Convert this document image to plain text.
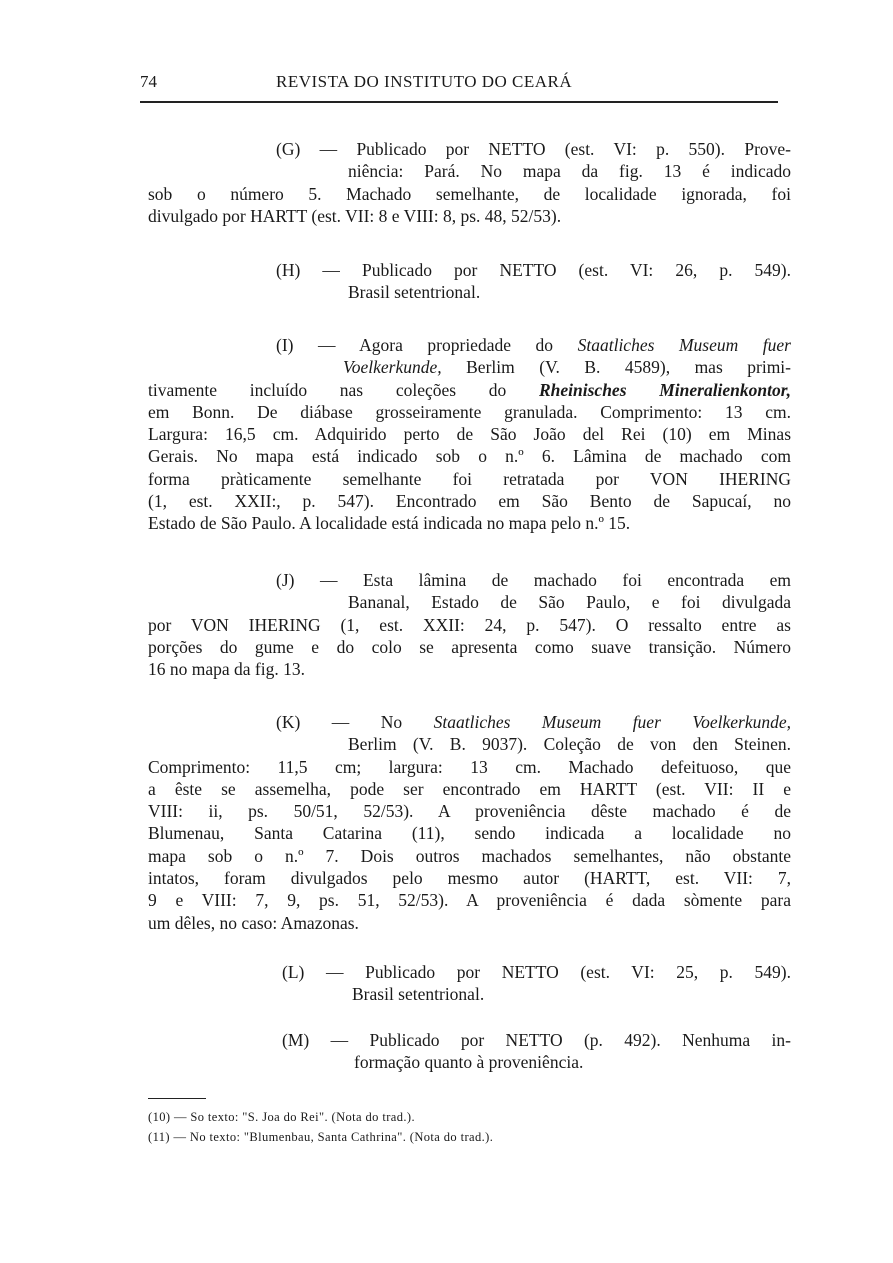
74	REVISTA DO INSTITUTO DO CEARÁ
(G) — Publicado por NETTO (est. VI: p. 550). Prove-
niência: Pará. No mapa da fig. 13 é indicado
sob o número 5. Machado semelhante, de localidade ignorada, foi
divulgado por HARTT (est. VII: 8 e VIII: 8, ps. 48, 52/53).
(H) — Publicado por NETTO (est. VI: 26, p. 549).
Brasil setentrional.
(I) — Agora propriedade do Staatliches Museum fuer
Voelkerkunde, Berlim (V. B. 4589), mas primi-
tivamente incluído nas coleções do Rheinisches Mineralienkontor,
em Bonn. De diábase grosseiramente granulada. Comprimento: 13 cm.
Largura: 16,5 cm. Adquirido perto de São João del Rei (10) em Minas
Gerais. No mapa está indicado sob o n.º 6. Lâmina de machado com
forma pràticamente semelhante foi retratada por VON IHERING
(1, est. XXII:, p. 547). Encontrado em São Bento de Sapucaí, no
Estado de São Paulo. A localidade está indicada no mapa pelo n.º 15.
(J) — Esta lâmina de machado foi encontrada em
Bananal, Estado de São Paulo, e foi divulgada
por VON IHERING (1, est. XXII: 24, p. 547). O ressalto entre as
porções do gume e do colo se apresenta como suave transição. Número
16 no mapa da fig. 13.
(K) — No Staatliches Museum fuer Voelkerkunde,
Berlim (V. B. 9037). Coleção de von den Steinen.
Comprimento: 11,5 cm; largura: 13 cm. Machado defeituoso, que
a êste se assemelha, pode ser encontrado em HARTT (est. VII: II e
VIII: ii, ps. 50/51, 52/53). A proveniência dêste machado é de
Blumenau, Santa Catarina (11), sendo indicada a localidade no
mapa sob o n.º 7. Dois outros machados semelhantes, não obstante
intatos, foram divulgados pelo mesmo autor (HARTT, est. VII: 7,
9 e VIII: 7, 9, ps. 51, 52/53). A proveniência é dada sòmente para
um dêles, no caso: Amazonas.
(L) — Publicado por NETTO (est. VI: 25, p. 549).
Brasil setentrional.
(M) — Publicado por NETTO (p. 492). Nenhuma in-
formação quanto à proveniência.
(10) — So texto: "S. Joa do Rei". (Nota do trad.).
(11) — No texto: "Blumenbau, Santa Cathrina". (Nota do trad.).
